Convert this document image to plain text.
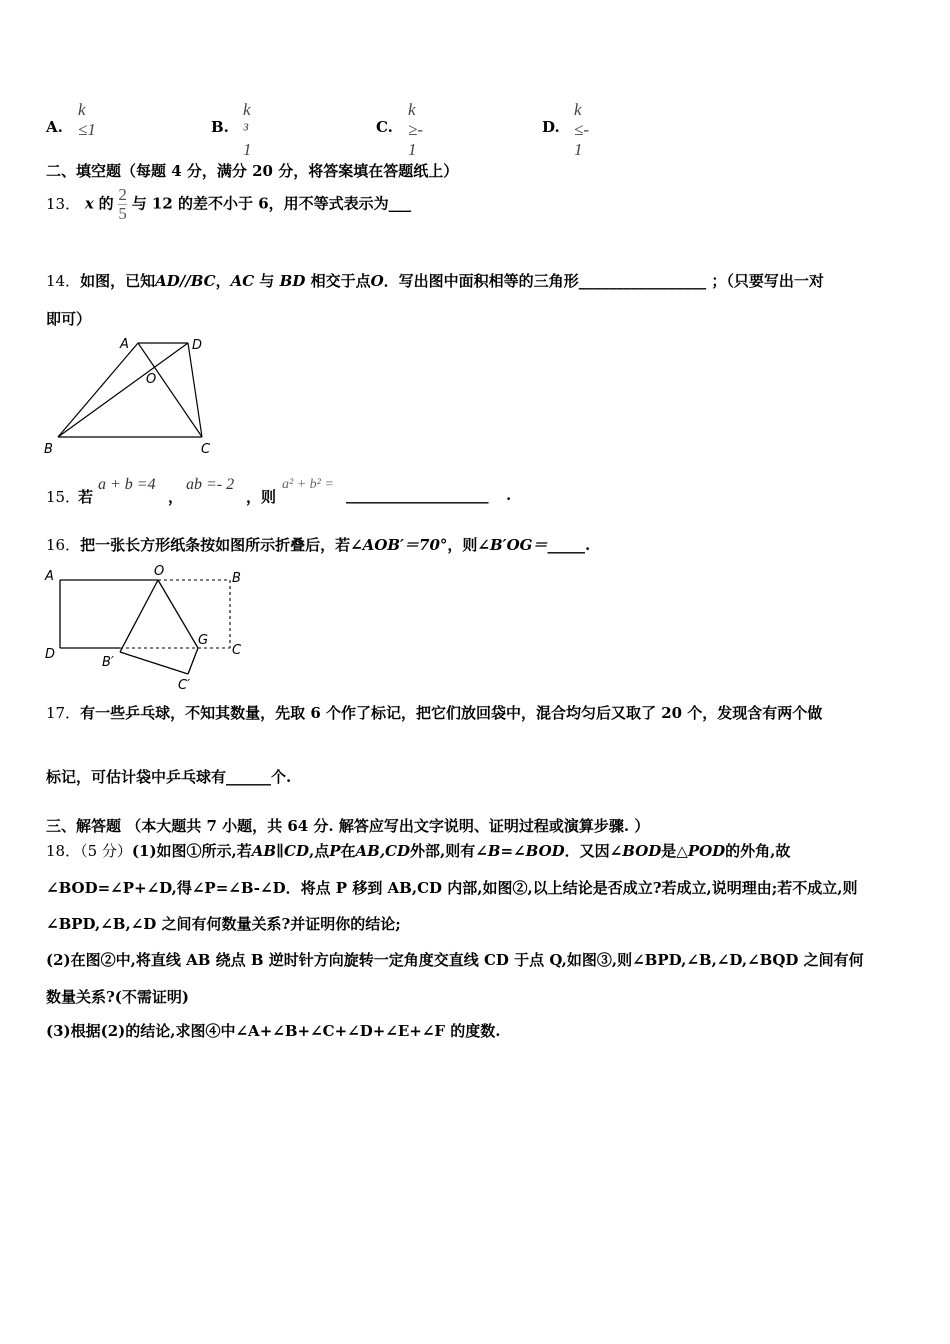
A.
k ≤1	B.
k ³ 1
C.
k ≥- 1
D.
k ≤- 1
二、填空题（每题 4 分，满分 20 分，将答案填在答题纸上）
13． x 的 $\frac{2}{5}$ 与 12 的差不小于 6，用不等式表示为___
14．如图，已知AD//BC，AC 与 BD 相交于点O．写出图中面积相等的三角形_________________ ；（只要写出一对
即可）
A	D
O
B	C
15．
若
a + b =4
，
ab =- 2
，则
a² + b² =
___________________ .
16．把一张长方形纸条按如图所示折叠后，若∠AOB′＝70°，则∠B′OG＝_____.
A	O	B
D
B′
G
C
C′
17．有一些乒乓球，不知其数量，先取 6 个作了标记，把它们放回袋中，混合均匀后又取了 20 个，发现含有两个做
标记，可估计袋中乒乓球有______个.
三、解答题 （本大题共 7 小题，共 64 分. 解答应写出文字说明、证明过程或演算步骤. ）
18．（5 分）(1)如图①所示,若AB∥CD,点P在AB,CD外部,则有∠B=∠BOD．又因∠BOD是△POD的外角,故
∠BOD=∠P+∠D,得∠P=∠B-∠D．将点 P 移到 AB,CD 内部,如图②,以上结论是否成立?若成立,说明理由;若不成立,则
∠BPD,∠B,∠D 之间有何数量关系?并证明你的结论;
(2)在图②中,将直线 AB 绕点 B 逆时针方向旋转一定角度交直线 CD 于点 Q,如图③,则∠BPD,∠B,∠D,∠BQD 之间有何
数量关系?(不需证明)
(3)根据(2)的结论,求图④中∠A+∠B+∠C+∠D+∠E+∠F 的度数.
